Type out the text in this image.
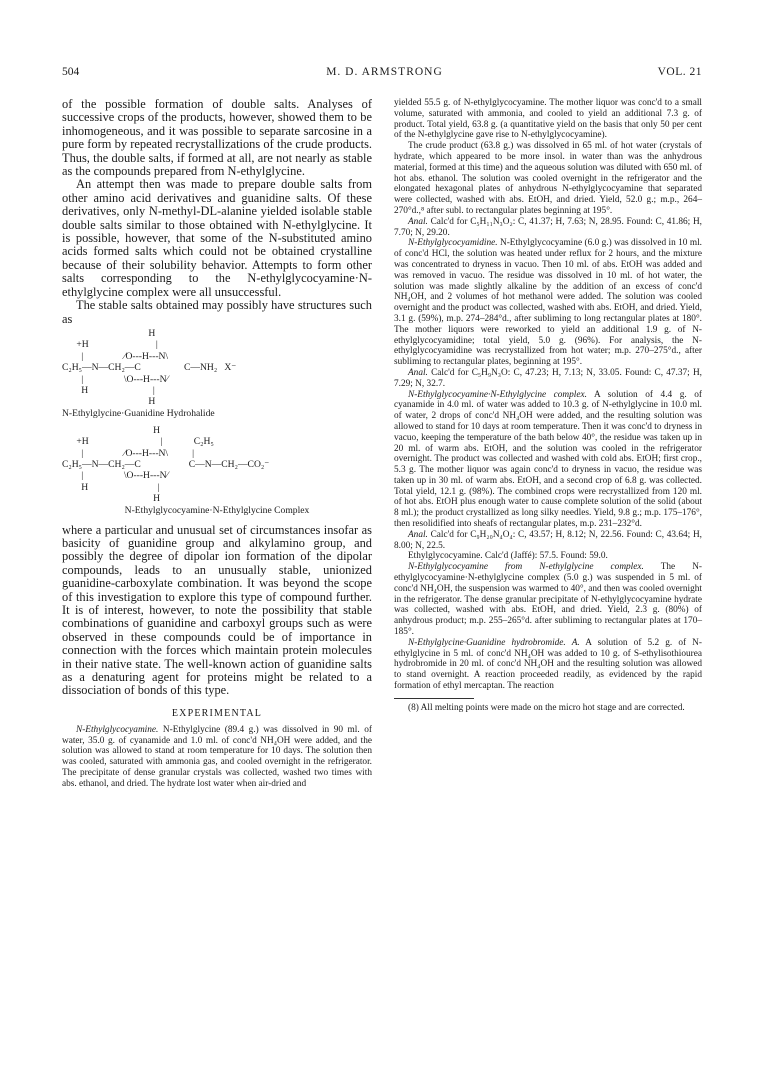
504	M. D. ARMSTRONG	VOL. 21

of the possible formation of double salts. Analyses of successive crops of the products, however, showed them to be inhomogeneous, and it was possible to separate sarcosine in a pure form by repeated recrystallizations of the crude products. Thus, the double salts, if formed at all, are not nearly as stable as the compounds prepared from N-ethylglycine.

An attempt then was made to prepare double salts from other amino acid derivatives and guanidine salts. Of these derivatives, only N-methyl-DL-alanine yielded isolable stable double salts similar to those obtained with N-ethylglycine. It is possible, however, that some of the N-substituted amino acids formed salts which could not be obtained crystalline because of their solubility behavior. Attempts to form other salts corresponding to the N-ethylglycocyamine·N-ethylglycine complex were all unsuccessful.

The stable salts obtained may possibly have structures such as

H
+H                            |
|                 ⁄O---H---N\
C₂H₅—N—CH₂—C                  C—NH₂   X⁻
|                 \O---H---N⁄
H                           |
H

N-Ethylglycine·Guanidine Hydrohalide

H
+H                              |             C₂H₅
|                 ⁄O---H---N\          |
C₂H₅—N—CH₂—C                    C—N—CH₂—CO₂⁻
|                 \O---H---N⁄
H                             |
H

N-Ethylglycocyamine·N-Ethylglycine Complex

where a particular and unusual set of circumstances insofar as basicity of guanidine group and alkylamino group, and possibly the degree of dipolar ion formation of the dipolar compounds, leads to an unusually stable, unionized guanidine-carboxylate combination. It was beyond the scope of this investigation to explore this type of compound further. It is of interest, however, to note the possibility that stable combinations of guanidine and carboxyl groups such as were observed in these compounds could be of importance in connection with the forces which maintain protein molecules in their native state. The well-known action of guanidine salts as a denaturing agent for proteins might be related to a dissociation of bonds of this type.

EXPERIMENTAL

N-Ethylglycocyamine. N-Ethylglycine (89.4 g.) was dissolved in 90 ml. of water, 35.0 g. of cyanamide and 1.0 ml. of conc'd NH₄OH were added, and the solution was allowed to stand at room temperature for 10 days. The solution then was cooled, saturated with ammonia gas, and cooled overnight in the refrigerator. The precipitate of dense granular crystals was collected, washed two times with abs. ethanol, and dried. The hydrate lost water when air-dried and

yielded 55.5 g. of N-ethylglycocyamine. The mother liquor was conc'd to a small volume, saturated with ammonia, and cooled to yield an additional 7.3 g. of product. Total yield, 63.8 g. (a quantitative yield on the basis that only 50 per cent of the N-ethylglycine gave rise to N-ethylglycocyamine).

The crude product (63.8 g.) was dissolved in 65 ml. of hot water (crystals of hydrate, which appeared to be more insol. in water than was the anhydrous material, formed at this time) and the aqueous solution was diluted with 650 ml. of hot abs. ethanol. The solution was cooled overnight in the refrigerator and the elongated hexagonal plates of anhydrous N-ethylglycocyamine that separated were collected, washed with abs. EtOH, and dried. Yield, 52.0 g.; m.p., 264–270°d.,⁸ after subl. to rectangular plates beginning at 195°.

Anal. Calc'd for C₅H₁₁N₃O₂: C, 41.37; H, 7.63; N, 28.95. Found: C, 41.86; H, 7.70; N, 29.20.

N-Ethylglycocyamidine. N-Ethylglycocyamine (6.0 g.) was dissolved in 10 ml. of conc'd HCl, the solution was heated under reflux for 2 hours, and the mixture was concentrated to dryness in vacuo. Then 10 ml. of abs. EtOH was added and was removed in vacuo. The residue was dissolved in 10 ml. of hot water, the solution was made slightly alkaline by the addition of an excess of conc'd NH₄OH, and 2 volumes of hot methanol were added. The solution was cooled overnight and the product was collected, washed with abs. EtOH, and dried. Yield, 3.1 g. (59%), m.p. 274–284°d., after subliming to long rectangular plates at 180°. The mother liquors were reworked to yield an additional 1.9 g. of N-ethylglycocyamidine; total yield, 5.0 g. (96%). For analysis, the N-ethylglycocyamidine was recrystallized from hot water; m.p. 270–275°d., after subliming to rectangular plates, beginning at 195°.

Anal. Calc'd for C₅H₉N₃O: C, 47.23; H, 7.13; N, 33.05. Found: C, 47.37; H, 7.29; N, 32.7.

N-Ethylglycocyamine·N-Ethylglycine complex. A solution of 4.4 g. of cyanamide in 4.0 ml. of water was added to 10.3 g. of N-ethylglycine in 10.0 ml. of water, 2 drops of conc'd NH₄OH were added, and the resulting solution was allowed to stand for 10 days at room temperature. Then it was conc'd to dryness in vacuo, keeping the temperature of the bath below 40°, the residue was taken up in 20 ml. of warm abs. EtOH, and the solution was cooled in the refrigerator overnight. The product was collected and washed with cold abs. EtOH; first crop., 5.3 g. The mother liquor was again conc'd to dryness in vacuo, the residue was taken up in 30 ml. of warm abs. EtOH, and a second crop of 6.8 g. was collected. Total yield, 12.1 g. (98%). The combined crops were recrystallized from 120 ml. of hot abs. EtOH plus enough water to cause complete solution of the solid (about 8 ml.); the product crystallized as long silky needles. Yield, 9.8 g.; m.p. 175–176°, then resolidified into sheafs of rectangular plates, m.p. 231–232°d.

Anal. Calc'd for C₉H₂₀N₄O₄: C, 43.57; H, 8.12; N, 22.56. Found: C, 43.64; H, 8.00; N, 22.5.

Ethylglycocyamine. Calc'd (Jaffé): 57.5. Found: 59.0.

N-Ethylglycocyamine from N-ethylglycine complex. The N-ethylglycocyamine·N-ethylglycine complex (5.0 g.) was suspended in 5 ml. of conc'd NH₄OH, the suspension was warmed to 40°, and then was cooled overnight in the refrigerator. The dense granular precipitate of N-ethylglycocyamine hydrate was collected, washed with abs. EtOH, and dried. Yield, 2.3 g. (80%) of anhydrous product; m.p. 255–265°d. after subliming to rectangular plates at 170–185°.

N-Ethylglycine·Guanidine hydrobromide. A. A solution of 5.2 g. of N-ethylglycine in 5 ml. of conc'd NH₄OH was added to 10 g. of S-ethylisothiourea hydrobromide in 20 ml. of conc'd NH₄OH and the resulting solution was allowed to stand overnight. A reaction proceeded readily, as evidenced by the rapid formation of ethyl mercaptan. The reaction

(8) All melting points were made on the micro hot stage and are corrected.
